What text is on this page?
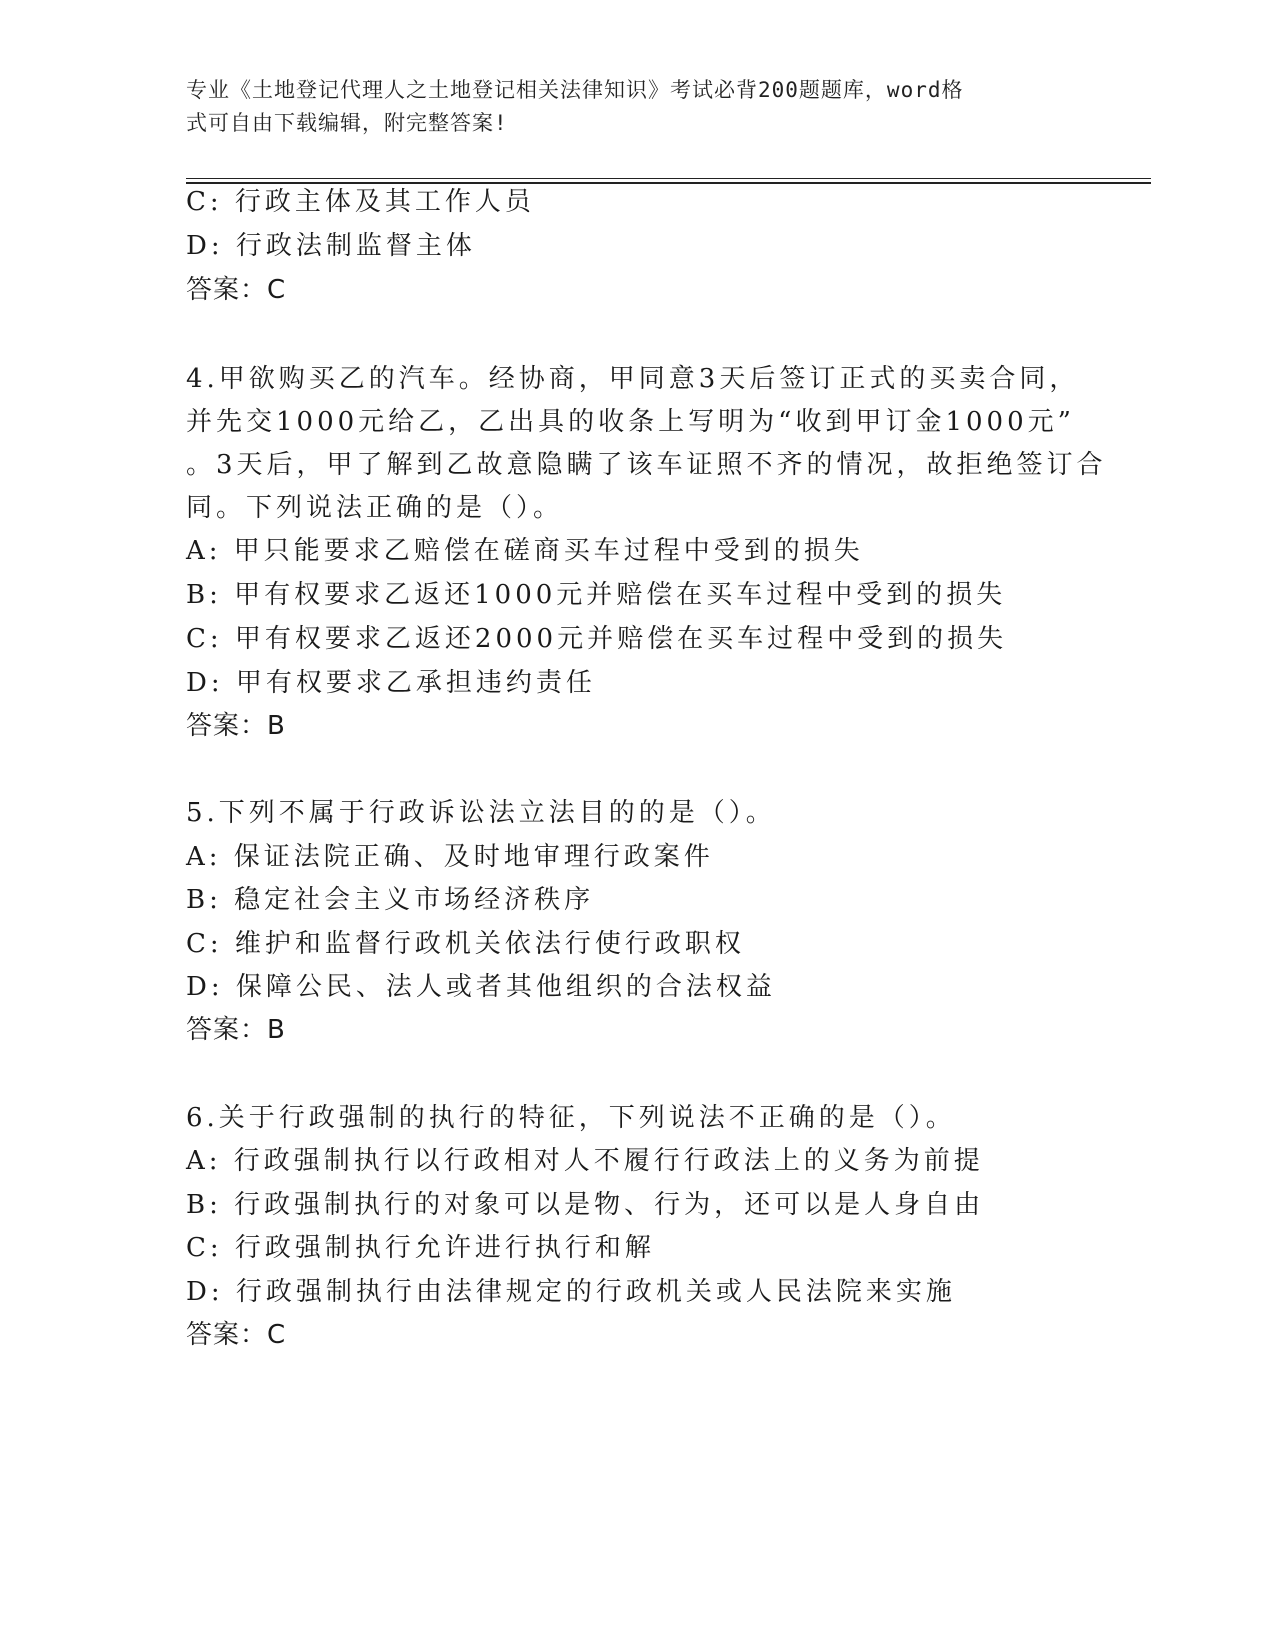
专业《土地登记代理人之土地登记相关法律知识》考试必背200题题库，word格
式可自由下载编辑，附完整答案!
C: 行政主体及其工作人员
D: 行政法制监督主体
答案：C
4.甲欲购买乙的汽车。经协商，甲同意3天后签订正式的买卖合同，
并先交1000元给乙，乙出具的收条上写明为“收到甲订金1000元”
。3天后，甲了解到乙故意隐瞒了该车证照不齐的情况，故拒绝签订合
同。下列说法正确的是（）。
A: 甲只能要求乙赔偿在磋商买车过程中受到的损失
B: 甲有权要求乙返还1000元并赔偿在买车过程中受到的损失
C: 甲有权要求乙返还2000元并赔偿在买车过程中受到的损失
D: 甲有权要求乙承担违约责任
答案：B
5.下列不属于行政诉讼法立法目的的是（）。
A: 保证法院正确、及时地审理行政案件
B: 稳定社会主义市场经济秩序
C: 维护和监督行政机关依法行使行政职权
D: 保障公民、法人或者其他组织的合法权益
答案：B
6.关于行政强制的执行的特征，下列说法不正确的是（）。
A: 行政强制执行以行政相对人不履行行政法上的义务为前提
B: 行政强制执行的对象可以是物、行为，还可以是人身自由
C: 行政强制执行允许进行执行和解
D: 行政强制执行由法律规定的行政机关或人民法院来实施
答案：C
